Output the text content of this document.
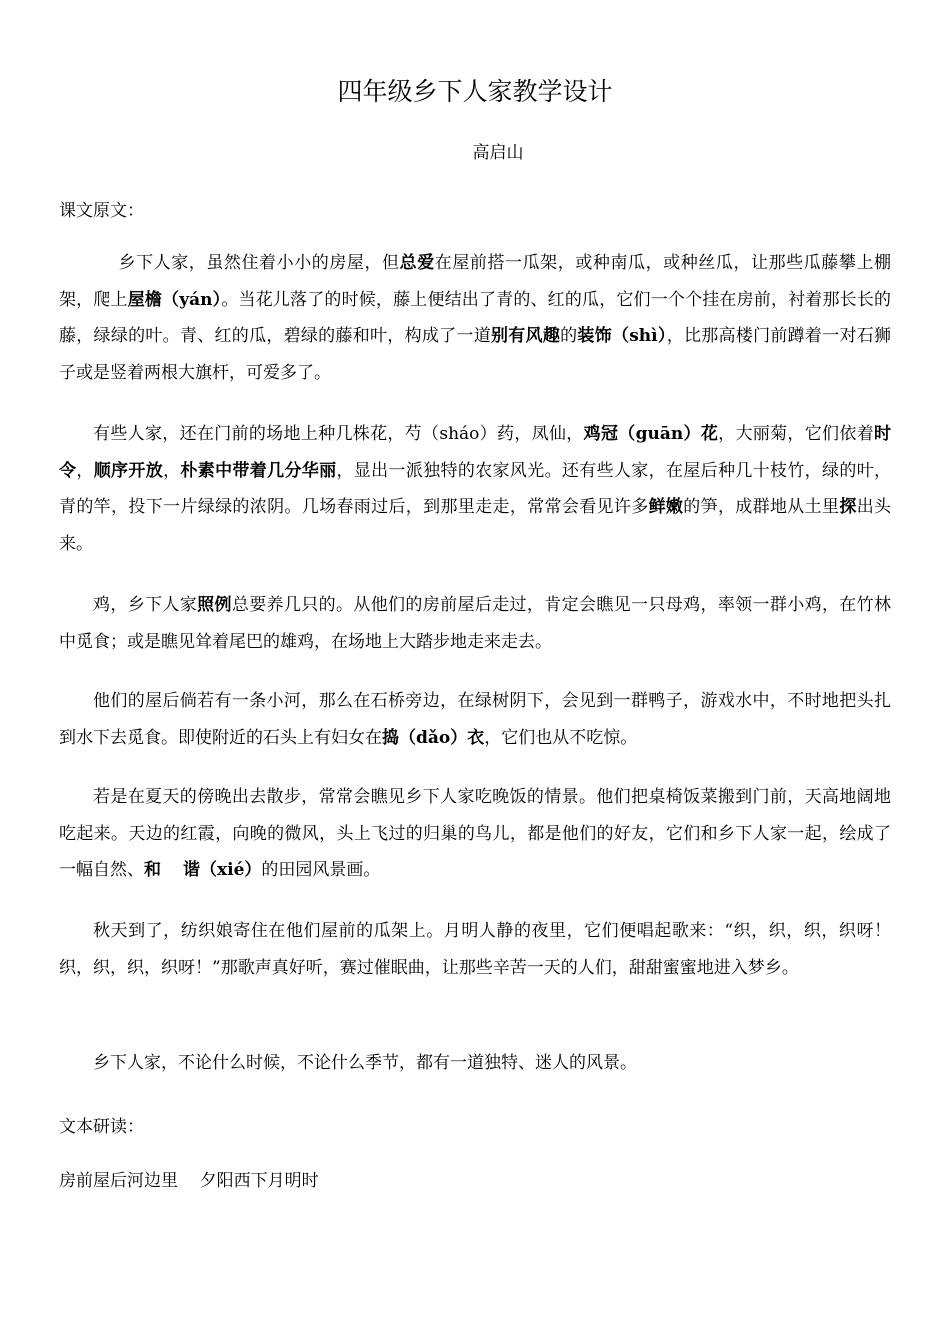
四年级乡下人家教学设计
高启山
课文原文：

乡下人家，虽然住着小小的房屋，但总爱在屋前搭一瓜架，或种南瓜，或种丝瓜，让那些瓜藤攀上棚架，爬上屋檐（yán）。当花儿落了的时候，藤上便结出了青的、红的瓜，它们一个个挂在房前，衬着那长长的藤，绿绿的叶。青、红的瓜，碧绿的藤和叶，构成了一道别有风趣的装饰（shì），比那高楼门前蹲着一对石狮子或是竖着两根大旗杆，可爱多了。

有些人家，还在门前的场地上种几株花，芍（sháo）药，凤仙，鸡冠（guān）花，大丽菊，它们依着时令，顺序开放，朴素中带着几分华丽，显出一派独特的农家风光。还有些人家，在屋后种几十枝竹，绿的叶，青的竿，投下一片绿绿的浓阴。几场春雨过后，到那里走走，常常会看见许多鲜嫩的笋，成群地从土里探出头来。

鸡，乡下人家照例总要养几只的。从他们的房前屋后走过，肯定会瞧见一只母鸡，率领一群小鸡，在竹林中觅食；或是瞧见耸着尾巴的雄鸡，在场地上大踏步地走来走去。

他们的屋后倘若有一条小河，那么在石桥旁边，在绿树阴下，会见到一群鸭子，游戏水中，不时地把头扎到水下去觅食。即使附近的石头上有妇女在捣（dǎo）衣，它们也从不吃惊。

若是在夏天的傍晚出去散步，常常会瞧见乡下人家吃晚饭的情景。他们把桌椅饭菜搬到门前，天高地阔地吃起来。天边的红霞，向晚的微风，头上飞过的归巢的鸟儿，都是他们的好友，它们和乡下人家一起，绘成了一幅自然、和 谐（xié）的田园风景画。

秋天到了，纺织娘寄住在他们屋前的瓜架上。月明人静的夜里，它们便唱起歌来：“织，织，织，织呀！织，织，织，织呀！”那歌声真好听，赛过催眠曲，让那些辛苦一天的人们，甜甜蜜蜜地进入梦乡。

乡下人家，不论什么时候，不论什么季节，都有一道独特、迷人的风景。

文本研读：
房前屋后河边里    夕阳西下月明时
